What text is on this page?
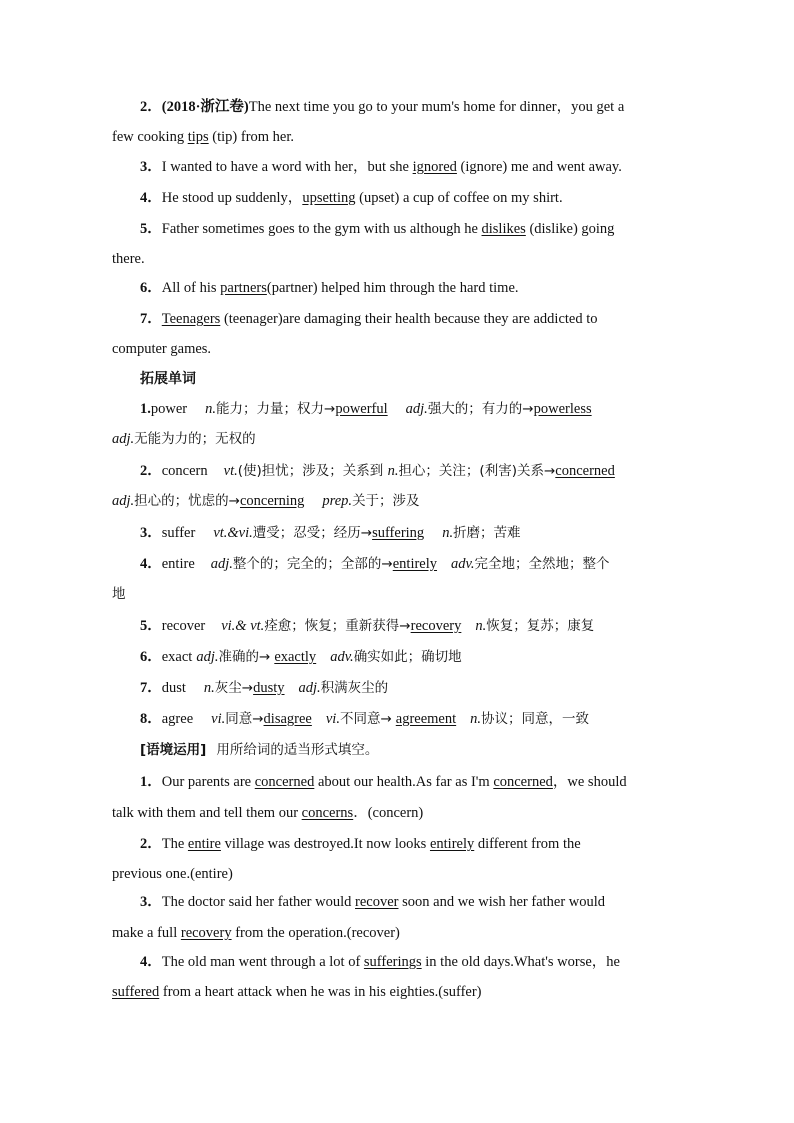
2．(2018·浙江卷)The next time you go to your mum's home for dinner，you get a
few cooking tips (tip) from her.
3．I wanted to have a word with her，but she ignored (ignore) me and went away.
4．He stood up suddenly，upsetting (upset) a cup of coffee on my shirt.
5．Father sometimes goes to the gym with us although he dislikes (dislike) going
there.
6．All of his partners(partner) helped him through the hard time.
7．Teenagers (teenager)are damaging their health because they are addicted to
computer games.
拓展单词
1.power n.能力；力量；权力→powerful adj.强大的；有力的→powerless
adj.无能为力的；无权的
2．concern vt.(使)担忧；涉及；关系到 n.担心；关注；(利害)关系→concerned
adj.担心的；忧虑的→concerning prep.关于；涉及
3．suffer vt.&vi.遭受；忍受；经历→suffering n.折磨；苦难
4．entire adj.整个的；完全的；全部的→entirely adv.完全地；全然地；整个
地
5．recover vi.& vt.痊愈；恢复；重新获得→recovery n.恢复；复苏；康复
6．exact adj.准确的→ exactly adv.确实如此；确切地
7．dust n.灰尘→dusty adj.积满灰尘的
8．agree vi.同意→disagree vi.不同意→ agreement n.协议；同意，一致
[语境运用] 用所给词的适当形式填空。
1．Our parents are concerned about our health.As far as I'm concerned，we should
talk with them and tell them our concerns．(concern)
2．The entire village was destroyed.It now looks entirely different from the
previous one.(entire)
3．The doctor said her father would recover soon and we wish her father would
make a full recovery from the operation.(recover)
4．The old man went through a lot of sufferings in the old days.What's worse，he
suffered from a heart attack when he was in his eighties.(suffer)
